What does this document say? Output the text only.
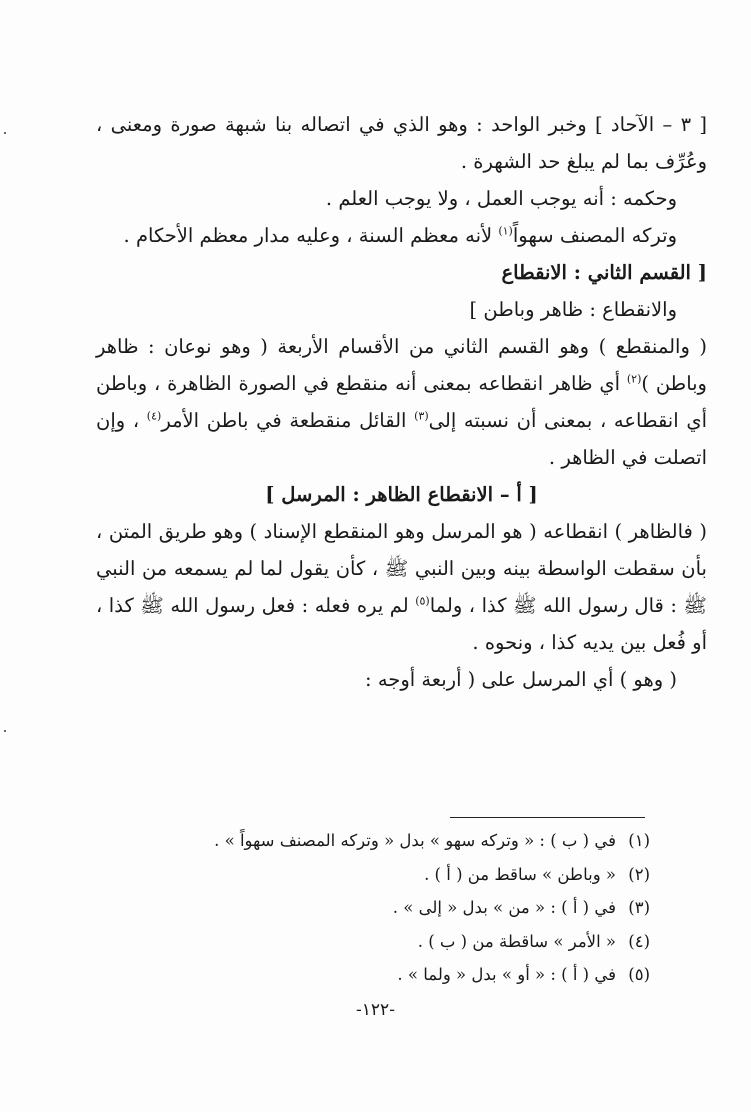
[ ٣ – الآحاد ] وخبر الواحد : وهو الذي في اتصاله بنا شبهة صورة ومعنى ، وعُرِّف بما لم يبلغ حد الشهرة .

وحكمه : أنه يوجب العمل ، ولا يوجب العلم .

وتركه المصنف سهواً$^{(١)}$ لأنه معظم السنة ، وعليه مدار معظم الأحكام .

[ القسم الثاني : الانقطاع

والانقطاع : ظاهر وباطن ]

( والمنقطع ) وهو القسم الثاني من الأقسام الأربعة ( وهو نوعان : ظاهر وباطن )$^{(٢)}$ أي ظاهر انقطاعه بمعنى أنه منقطع في الصورة الظاهرة ، وباطن أي انقطاعه ، بمعنى أن نسبته إلى$^{(٣)}$ القائل منقطعة في باطن الأمر$^{(٤)}$ ، وإن اتصلت في الظاهر .

[ أ – الانقطاع الظاهر : المرسل ]

( فالظاهر ) انقطاعه ( هو المرسل وهو المنقطع الإسناد ) وهو طريق المتن ، بأن سقطت الواسطة بينه وبين النبي ﷺ ، كأن يقول لما لم يسمعه من النبي ﷺ : قال رسول الله ﷺ كذا ، ولما$^{(٥)}$ لم يره فعله : فعل رسول الله ﷺ كذا ، أو فُعل بين يديه كذا ، ونحوه .

( وهو ) أي المرسل على ( أربعة أوجه :

(١)في ( ب ) : « وتركه سهو » بدل « وتركه المصنف سهواً » .

(٢)« وباطن » ساقط من ( أ ) .

(٣)في ( أ ) : « من » بدل « إلى » .

(٤)« الأمر » ساقطة من ( ب ) .

(٥)في ( أ ) : « أو » بدل « ولما » .

-١٢٢-
